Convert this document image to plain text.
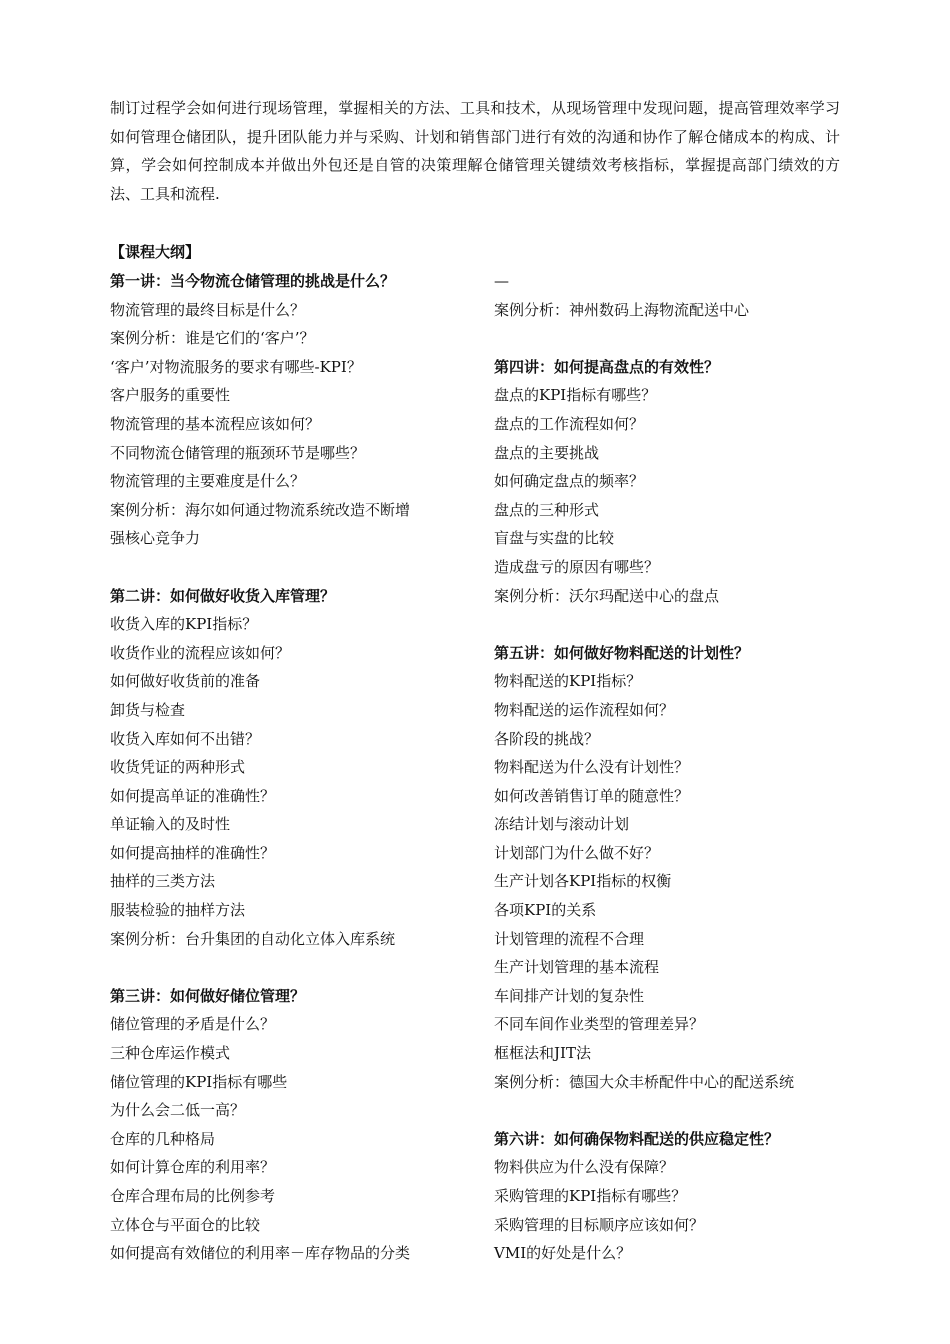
制订过程学会如何进行现场管理，掌握相关的方法、工具和技术，从现场管理中发现问题，提高管理效率学习如何管理仓储团队，提升团队能力并与采购、计划和销售部门进行有效的沟通和协作了解仓储成本的构成、计算，学会如何控制成本并做出外包还是自管的决策理解仓储管理关键绩效考核指标，掌握提高部门绩效的方法、工具和流程.

【课程大纲】
第一讲：当今物流仓储管理的挑战是什么？
物流管理的最终目标是什么？
案例分析：谁是它们的‘客户’？
‘客户’对物流服务的要求有哪些-KPI？
客户服务的重要性
物流管理的基本流程应该如何？
不同物流仓储管理的瓶颈环节是哪些？
物流管理的主要难度是什么？
案例分析：海尔如何通过物流系统改造不断增
强核心竞争力
第二讲：如何做好收货入库管理？
收货入库的KPI指标？
收货作业的流程应该如何？
如何做好收货前的准备
卸货与检查
收货入库如何不出错？
收货凭证的两种形式
如何提高单证的准确性？
单证输入的及时性
如何提高抽样的准确性？
抽样的三类方法
服装检验的抽样方法
案例分析：台升集团的自动化立体入库系统
第三讲：如何做好储位管理？
储位管理的矛盾是什么？
三种仓库运作模式
储位管理的KPI指标有哪些
为什么会二低一高？
仓库的几种格局
如何计算仓库的利用率？
仓库合理布局的比例参考
立体仓与平面仓的比较
如何提高有效储位的利用率－库存物品的分类
—
案例分析：神州数码上海物流配送中心
第四讲：如何提高盘点的有效性？
盘点的KPI指标有哪些？
盘点的工作流程如何？
盘点的主要挑战
如何确定盘点的频率？
盘点的三种形式
盲盘与实盘的比较
造成盘亏的原因有哪些？
案例分析：沃尔玛配送中心的盘点
第五讲：如何做好物料配送的计划性？
物料配送的KPI指标？
物料配送的运作流程如何？
各阶段的挑战？
物料配送为什么没有计划性？
如何改善销售订单的随意性？
冻结计划与滚动计划
计划部门为什么做不好？
生产计划各KPI指标的权衡
各项KPI的关系
计划管理的流程不合理
生产计划管理的基本流程
车间排产计划的复杂性
不同车间作业类型的管理差异？
框框法和JIT法
案例分析：德国大众丰桥配件中心的配送系统
第六讲：如何确保物料配送的供应稳定性？
物料供应为什么没有保障？
采购管理的KPI指标有哪些？
采购管理的目标顺序应该如何？
VMI的好处是什么？
